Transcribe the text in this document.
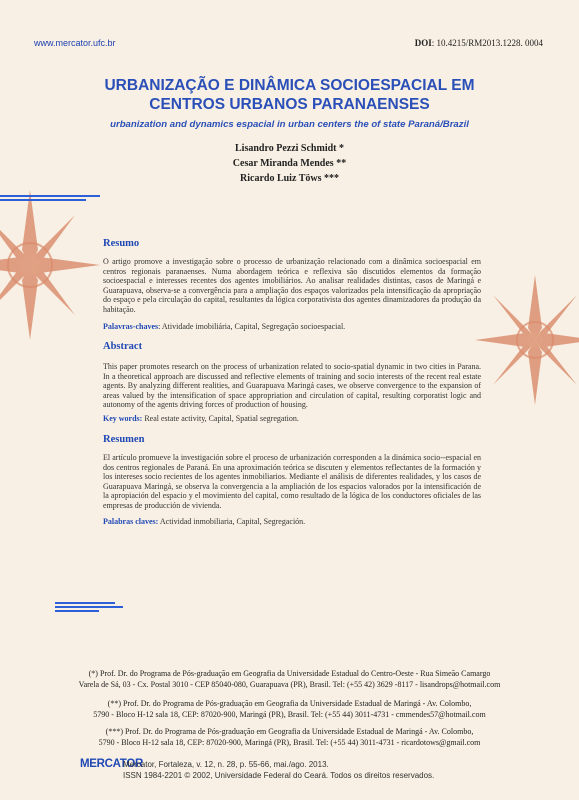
www.mercator.ufc.br	DOI: 10.4215/RM2013.1228. 0004
URBANIZAÇÃO E DINÂMICA SOCIOESPACIAL EM
CENTROS URBANOS PARANAENSES
urbanization and dynamics espacial in urban centers the of state Paraná/Brazil
Lisandro Pezzi Schmidt *
Cesar Miranda Mendes **
Ricardo Luiz Töws ***
Resumo
O artigo promove a investigação sobre o processo de urbanização relacionado com a dinâmica socioespacial em centros regionais paranaenses. Numa abordagem teórica e reflexiva são discutidos elementos da formação socioespacial e interesses recentes dos agentes imobiliários. Ao analisar realidades distintas, casos de Maringá e Guarapuava, observa-se a convergência para a ampliação dos espaços valorizados pela intensificação da apropriação do espaço e pela circulação do capital, resultantes da lógica corporativista dos agentes dinamizadores da produção da habitação.
Palavras-chaves: Atividade imobiliária, Capital, Segregação socioespacial.
Abstract
This paper promotes research on the process of urbanization related to socio-spatial dynamic in two cities in Parana. In a theoretical approach are discussed and reflective elements of training and socio interests of the recent real estate agents. By analyzing different realities, and Guarapuava Maringá cases, we observe convergence to the expansion of areas valued by the intensification of space appropriation and circulation of capital, resulting corporatist logic and autonomy of the agents driving forces of production of housing.
Key words: Real estate activity, Capital, Spatial segregation.
Resumen
El artículo promueve la investigación sobre el proceso de urbanización corresponden a la dinámica socio--espacial en dos centros regionales de Paraná. En una aproximación teórica se discuten y elementos reflectantes de la formación y los intereses socio recientes de los agentes inmobiliarios. Mediante el análisis de diferentes realidades, y los casos de Guarapuava Maringá, se observa la convergencia a la ampliación de los espacios valorados por la intensificación de la apropiación del espacio y el movimiento del capital, como resultado de la lógica de los conductores oficiales de las empresas de producción de vivienda.
Palabras claves: Actividad inmobiliaria, Capital, Segregación.
(*) Prof. Dr. do Programa de Pós-graduação em Geografia da Universidade Estadual do Centro-Oeste - Rua Simeão Camargo
Varela de Sá, 03 - Cx. Postal 3010 - CEP 85040-080, Guarapuava (PR), Brasil. Tel: (+55 42) 3629 -8117 - lisandrops@hotmail.com
(**) Prof. Dr. do Programa de Pós-graduação em Geografia da Universidade Estadual de Maringá - Av. Colombo,
5790 - Bloco H-12 sala 18, CEP: 87020-900, Maringá (PR), Brasil. Tel: (+55 44) 3011-4731 - cmmendes57@hotmail.com
(***) Prof. Dr. do Programa de Pós-graduação em Geografia da Universidade Estadual de Maringá - Av. Colombo,
5790 - Bloco H-12 sala 18, CEP: 87020-900, Maringá (PR), Brasil. Tel: (+55 44) 3011-4731 - ricardotows@gmail.com
MERCATOR
Mercator, Fortaleza, v. 12, n. 28, p. 55-66, mai./ago. 2013.
ISSN 1984-2201 © 2002, Universidade Federal do Ceará. Todos os direitos reservados.
